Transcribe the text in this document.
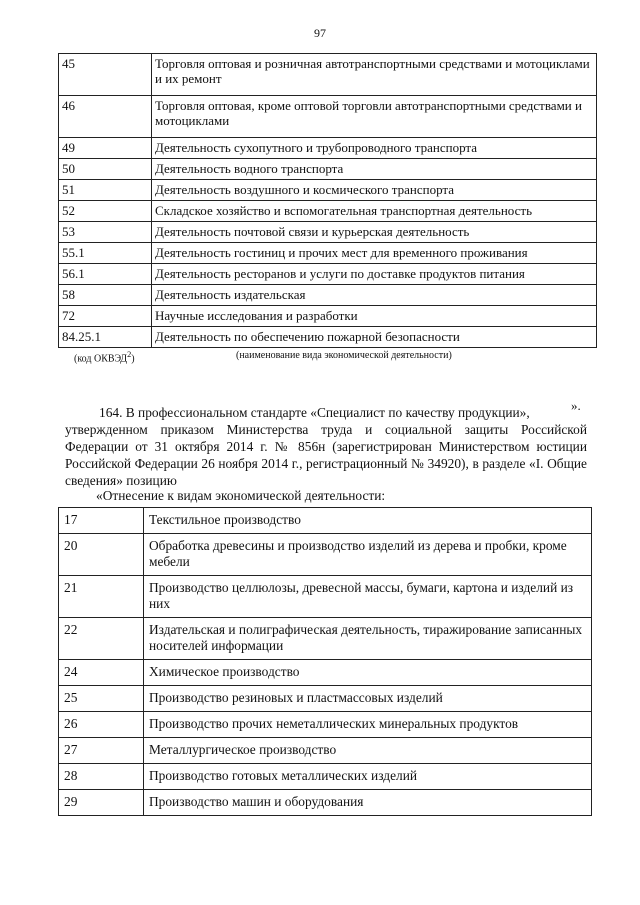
97
45	Торговля оптовая и розничная автотранспортными средствами и мотоциклами и их ремонт
46	Торговля оптовая, кроме оптовой торговли автотранспортными средствами и мотоциклами
49	Деятельность сухопутного и трубопроводного транспорта
50	Деятельность водного транспорта
51	Деятельность воздушного и космического транспорта
52	Складское хозяйство и вспомогательная транспортная деятельность
53	Деятельность почтовой связи и курьерская деятельность
55.1	Деятельность гостиниц и прочих мест для временного проживания
56.1	Деятельность ресторанов и услуги по доставке продуктов питания
58	Деятельность издательская
72	Научные исследования и разработки
84.25.1	Деятельность по обеспечению пожарной безопасности
(код ОКВЭД$^2$)	(наименование вида экономической деятельности)
».
164. В профессиональном стандарте «Специалист по качеству продукции»,
утвержденном приказом Министерства труда и социальной защиты Российской Федерации от 31 октября 2014 г. № 856н (зарегистрирован Министерством юстиции Российской Федерации 26 ноября 2014 г., регистрационный № 34920), в разделе «I. Общие сведения» позицию
«Отнесение к видам экономической деятельности:
17	Текстильное производство
20	Обработка древесины и производство изделий из дерева и пробки, кроме мебели
21	Производство целлюлозы, древесной массы, бумаги, картона и изделий из них
22	Издательская и полиграфическая деятельность, тиражирование записанных носителей информации
24	Химическое производство
25	Производство резиновых и пластмассовых изделий
26	Производство прочих неметаллических минеральных продуктов
27	Металлургическое производство
28	Производство готовых металлических изделий
29	Производство машин и оборудования
